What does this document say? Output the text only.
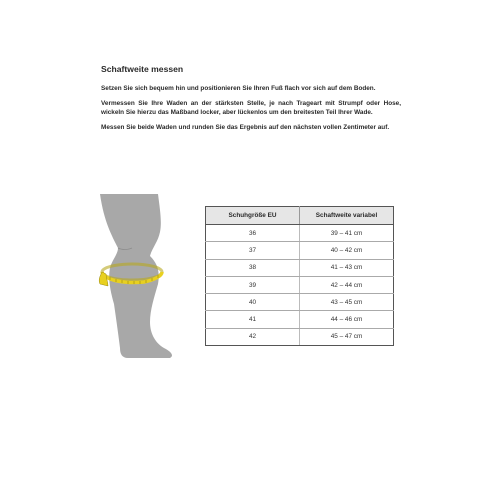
Schaftweite messen

Setzen Sie sich bequem hin und positionieren Sie Ihren Fuß flach vor sich auf dem Boden.

Vermessen Sie Ihre Waden an der stärksten Stelle, je nach Trageart mit Strumpf oder Hose, wickeln Sie hierzu das Maßband locker, aber lückenlos um den breitesten Teil Ihrer Wade.

Messen Sie beide Waden und runden Sie das Ergebnis auf den nächsten vollen Zentimeter auf.

Schuhgröße EU	Schaftweite variabel
36	39 – 41 cm
37	40 – 42 cm
38	41 – 43 cm
39	42 – 44 cm
40	43 – 45 cm
41	44 – 46 cm
42	45 – 47 cm
